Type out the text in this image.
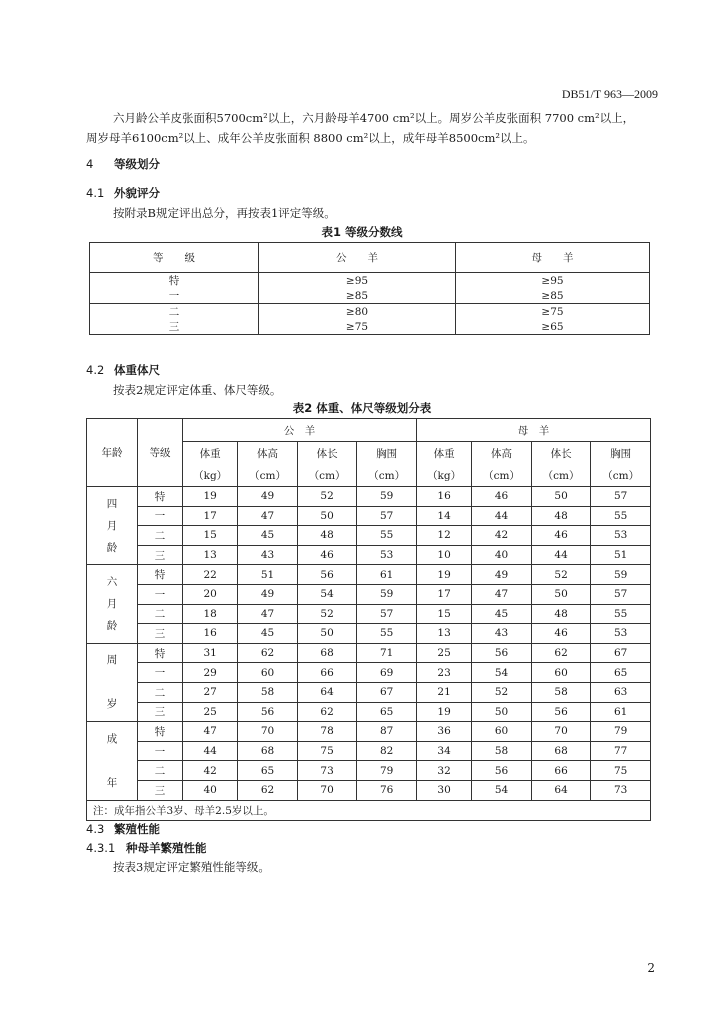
DB51/T 963—2009

六月龄公羊皮张面积5700cm²以上，六月龄母羊4700 cm²以上。周岁公羊皮张面积 7700 cm²以上，

周岁母羊6100cm²以上、成年公羊皮张面积 8800 cm²以上，成年母羊8500cm²以上。

4 等级划分
4.1 外貌评分
按附录B规定评出总分，再按表1评定等级。
表1 等级分数线
等　　级	公　　羊	母　　羊
特	≥95	≥95
一	≥85	≥85
二	≥80	≥75
三	≥75	≥65
4.2 体重体尺
按表2规定评定体重、体尺等级。
表2 体重、体尺等级划分表
年龄	等级	公　羊				母　羊			
		体重	体高	体长	胸围	体重	体高	体长	胸围
		（kg）	（cm）	（cm）	（cm）	（kg）	（cm）	（cm）	（cm）

四
月
龄	特	19	49	52	59	16	46	50	57
	一	17	47	50	57	14	44	48	55
	二	15	45	48	55	12	42	46	53
	三	13	43	46	53	10	40	44	51

六
月
龄	特	22	51	56	61	19	49	52	59
	一	20	49	54	59	17	47	50	57
	二	18	47	52	57	15	45	48	55
	三	16	45	50	55	13	43	46	53

周

岁	特	31	62	68	71	25	56	62	67
	一	29	60	66	69	23	54	60	65
	二	27	58	64	67	21	52	58	63
	三	25	56	62	65	19	50	56	61

成

年	特	47	70	78	87	36	60	70	79
	一	44	68	75	82	34	58	68	77
	二	42	65	73	79	32	56	66	75
	三	40	62	70	76	30	54	64	73
注：成年指公羊3岁、母羊2.5岁以上。									
4.3 繁殖性能
4.3.1 种母羊繁殖性能
按表3规定评定繁殖性能等级。
2
